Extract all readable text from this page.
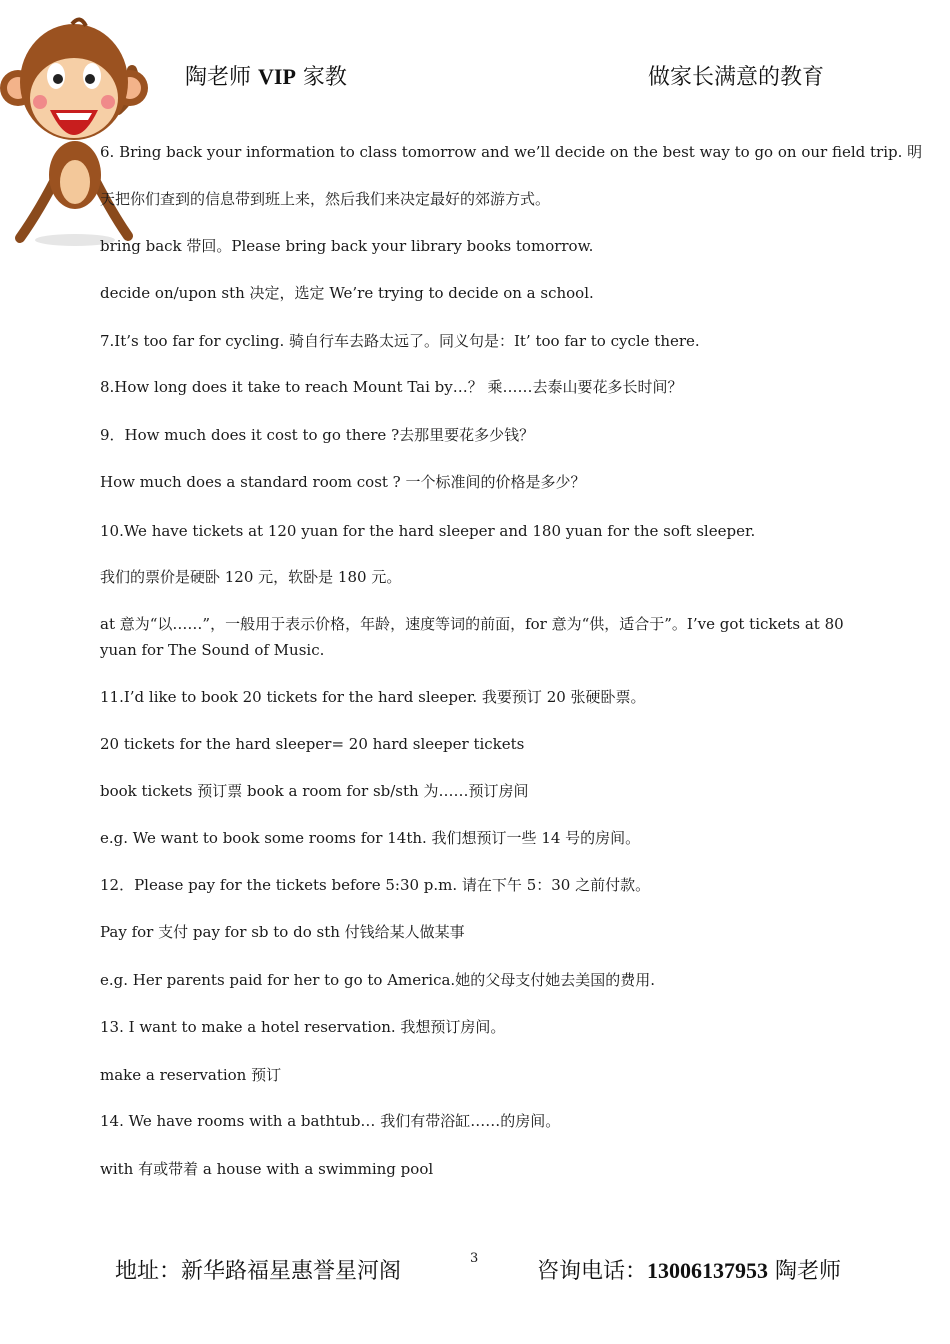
陶老师 VIP 家教	做家长满意的教育
6. Bring back your information to class tomorrow and we’ll decide on the best way to go on our field trip. 明
天把你们查到的信息带到班上来，然后我们来决定最好的郊游方式。
bring back 带回。Please bring back your library books tomorrow.
decide on/upon sth 决定，选定 We’re trying to decide on a school.
7.It’s too far for cycling. 骑自行车去路太远了。同义句是：It’ too far to cycle there.
8.How long does it take to reach Mount Tai by…？ 乘……去泰山要花多长时间？
9．How much does it cost to go there ?去那里要花多少钱？
How much does a standard room cost ? 一个标准间的价格是多少？
10.We have tickets at 120 yuan for the hard sleeper and 180 yuan for the soft sleeper.
我们的票价是硬卧 120 元，软卧是 180 元。
at 意为“以……”，一般用于表示价格，年龄，速度等词的前面，for 意为“供，适合于”。I’ve got tickets at 80 yuan for The Sound of Music.
11.I’d like to book 20 tickets for the hard sleeper. 我要预订 20 张硬卧票。
20 tickets for the hard sleeper= 20 hard sleeper tickets
book tickets 预订票 book a room for sb/sth 为……预订房间
e.g. We want to book some rooms for 14th. 我们想预订一些 14 号的房间。
12．Please pay for the tickets before 5:30 p.m. 请在下午 5：30 之前付款。
Pay for 支付 pay for sb to do sth 付钱给某人做某事
e.g. Her parents paid for her to go to America.她的父母支付她去美国的费用.
13. I want to make a hotel reservation. 我想预订房间。
make a reservation 预订
14. We have rooms with a bathtub… 我们有带浴缸……的房间。
with 有或带着 a house with a swimming pool
3
地址：新华路福星惠誉星河阁	咨询电话：13006137953 陶老师
